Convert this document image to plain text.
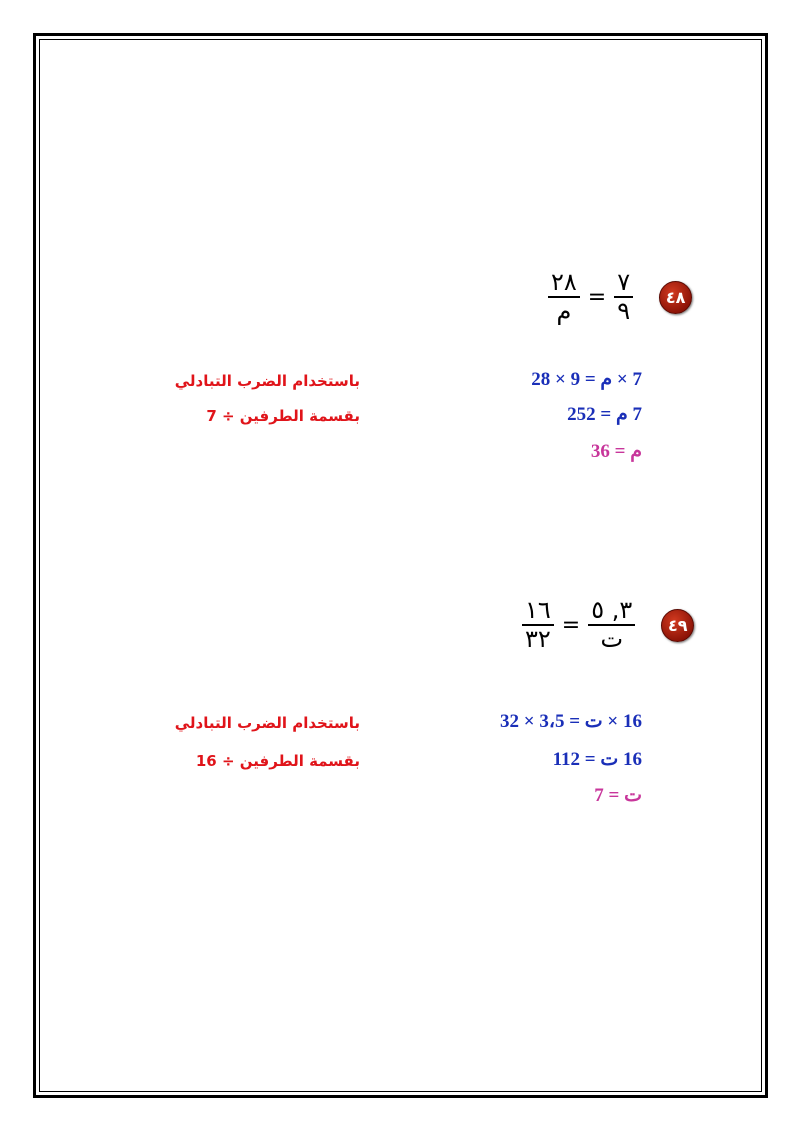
$\frac{٢٨}{\text{م}} = \frac{٧}{٩}$	٤٨
7 × م = 9 × 28
باستخدام الضرب التبادلي
7 م = 252
بقسمة الطرفين ÷ 7
م = 36
$\frac{١٦}{٣٢} = \frac{٣, ٥}{\text{ت}}$	٤٩
16 × ت = 3،5 × 32
باستخدام الضرب التبادلي
16 ت = 112
بقسمة الطرفين ÷ 16
ت = 7
